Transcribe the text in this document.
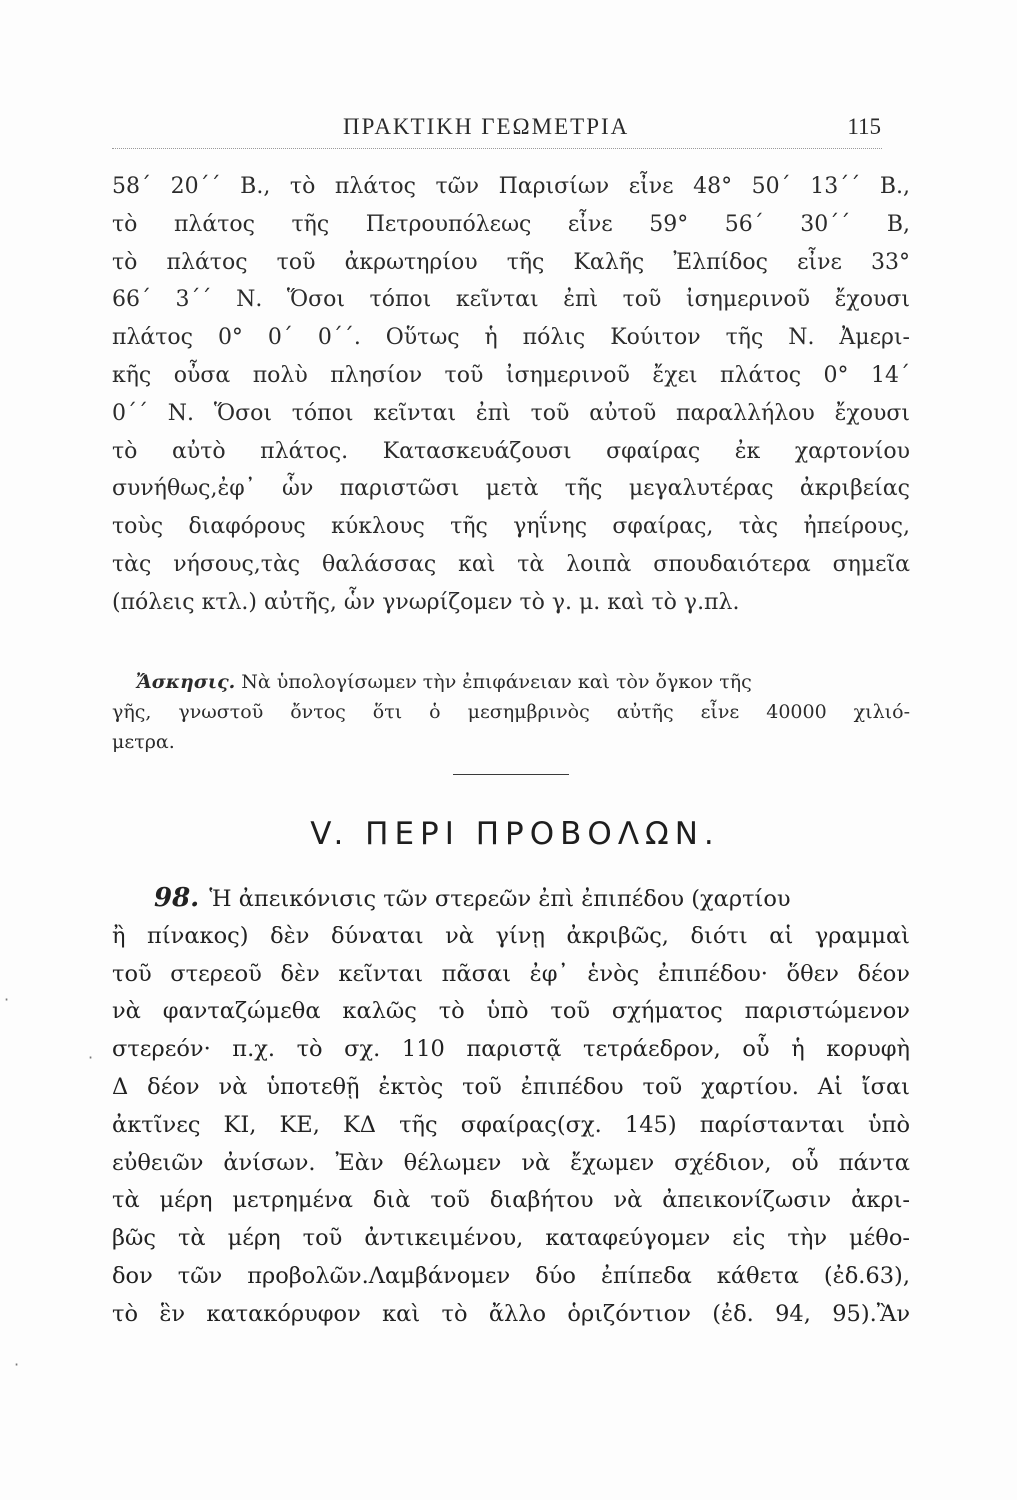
ΠΡΑΚΤΙΚΗ ΓΕΩΜΕΤΡΙΑ	115
58΄ 20΄΄ Β., τὸ πλάτος τῶν Παρισίων εἶνε 48° 50΄ 13΄΄ Β.,
τὸ πλάτος τῆς Πετρουπόλεως εἶνε 59° 56΄ 30΄΄ Β,
τὸ πλάτος τοῦ ἀκρωτηρίου τῆς Καλῆς Ἐλπίδος εἶνε 33°
66΄ 3΄΄ Ν. Ὅσοι τόποι κεῖνται ἐπὶ τοῦ ἰσημερινοῦ ἔχουσι
πλάτος 0° 0΄ 0΄΄. Οὕτως ἡ πόλις Κούιτον τῆς Ν. Ἀμερι-
κῆς οὖσα πολὺ πλησίον τοῦ ἰσημερινοῦ ἔχει πλάτος 0° 14΄
0΄΄ Ν. Ὅσοι τόποι κεῖνται ἐπὶ τοῦ αὐτοῦ παραλλήλου ἔχουσι
τὸ αὐτὸ πλάτος. Κατασκευάζουσι σφαίρας ἐκ χαρτονίου
συνήθως,ἐφ᾿ ὧν παριστῶσι μετὰ τῆς μεγαλυτέρας ἀκριβείας
τοὺς διαφόρους κύκλους τῆς γηΐνης σφαίρας, τὰς ἠπείρους,
τὰς νήσους,τὰς θαλάσσας καὶ τὰ λοιπὰ σπουδαιότερα σημεῖα
(πόλεις κτλ.) αὐτῆς, ὧν γνωρίζομεν τὸ γ. μ. καὶ τὸ γ.πλ.
Ἄσκησις. Νὰ ὑπολογίσωμεν τὴν ἐπιφάνειαν καὶ τὸν ὄγκον τῆς
γῆς, γνωστοῦ ὄντος ὅτι ὁ μεσημβρινὸς αὐτῆς εἶνε 40000 χιλιό-
μετρα.
V. ΠΕΡΙ ΠΡΟΒΟΛΩΝ.
98. Ἡ ἀπεικόνισις τῶν στερεῶν ἐπὶ ἐπιπέδου (χαρτίου
ἢ πίνακος) δὲν δύναται νὰ γίνῃ ἀκριβῶς, διότι αἱ γραμμαὶ
τοῦ στερεοῦ δὲν κεῖνται πᾶσαι ἐφ᾿ ἑνὸς ἐπιπέδου· ὅθεν δέον
νὰ φανταζώμεθα καλῶς τὸ ὑπὸ τοῦ σχήματος παριστώμενον
στερεόν· π.χ. τὸ σχ. 110 παριστᾷ τετράεδρον, οὗ ἡ κορυφὴ
Δ δέον νὰ ὑποτεθῇ ἐκτὸς τοῦ ἐπιπέδου τοῦ χαρτίου. Αἱ ἴσαι
ἀκτῖνες ΚΙ, ΚΕ, ΚΔ τῆς σφαίρας(σχ. 145) παρίστανται ὑπὸ
εὐθειῶν ἀνίσων. Ἐὰν θέλωμεν νὰ ἔχωμεν σχέδιον, οὗ πάντα
τὰ μέρη μετρημένα διὰ τοῦ διαβήτου νὰ ἀπεικονίζωσιν ἀκρι-
βῶς τὰ μέρη τοῦ ἀντικειμένου, καταφεύγομεν εἰς τὴν μέθο-
δον τῶν προβολῶν.Λαμβάνομεν δύο ἐπίπεδα κάθετα (ἐδ.63),
τὸ ἓν κατακόρυφον καὶ τὸ ἄλλο ὁριζόντιον (ἐδ. 94, 95).Ἂν
·
·
·
